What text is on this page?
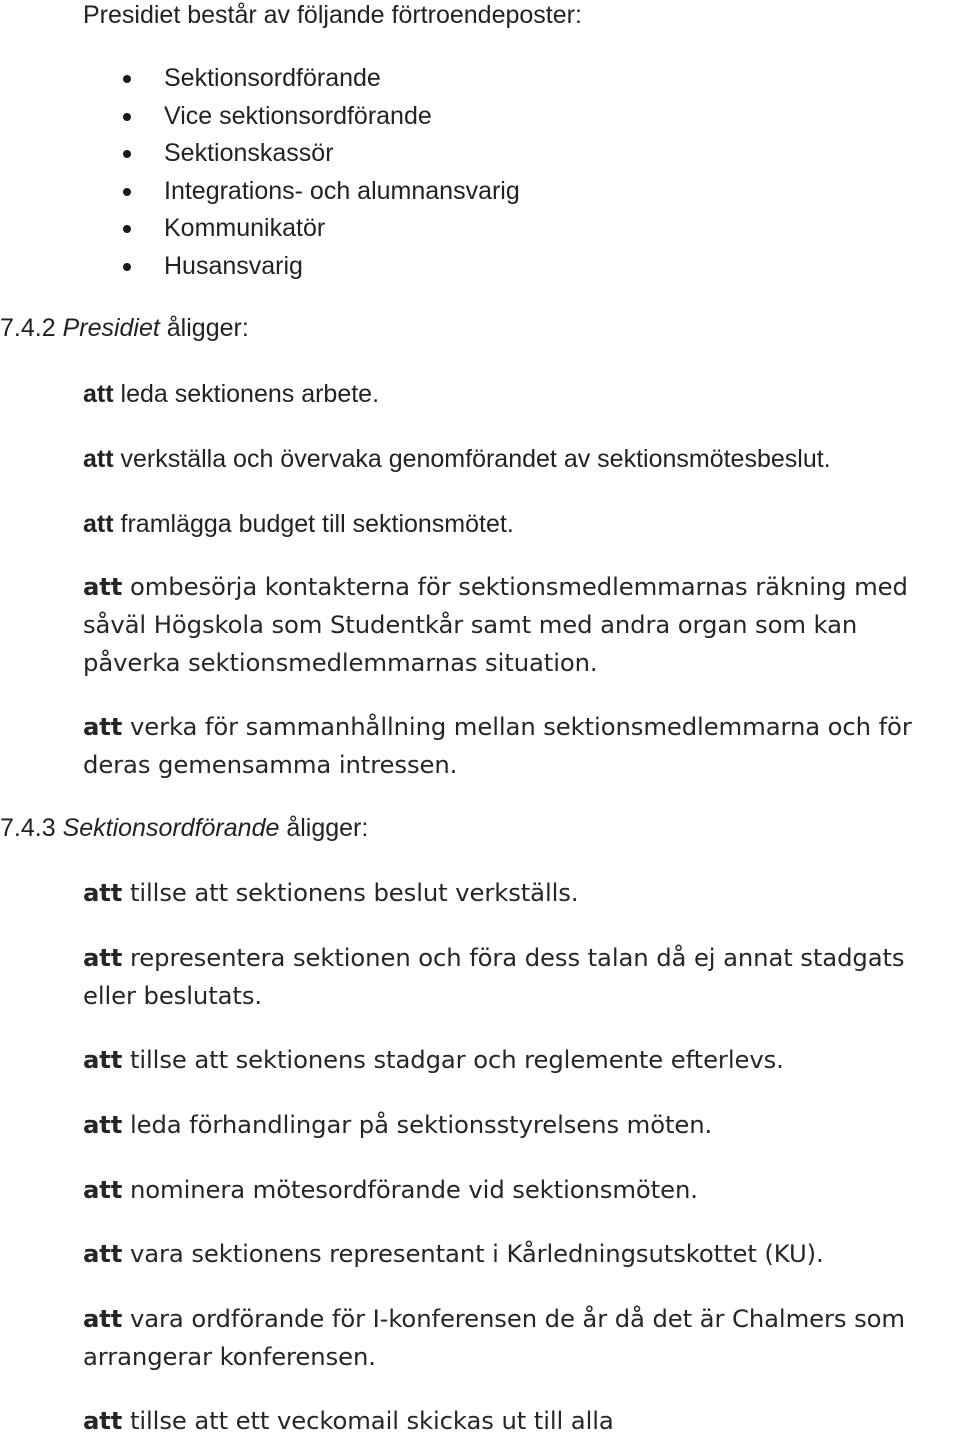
Presidiet består av följande förtroendeposter:
Sektionsordförande
Vice sektionsordförande
Sektionskassör
Integrations- och alumnansvarig
Kommunikatör
Husansvarig
7.4.2 Presidiet åligger:
att leda sektionens arbete.
att verkställa och övervaka genomförandet av sektionsmötesbeslut.
att framlägga budget till sektionsmötet.
att ombesörja kontakterna för sektionsmedlemmarnas räkning med såväl Högskola som Studentkår samt med andra organ som kan påverka sektionsmedlemmarnas situation.
att verka för sammanhållning mellan sektionsmedlemmarna och för deras gemensamma intressen.
7.4.3 Sektionsordförande åligger:
att tillse att sektionens beslut verkställs.
att representera sektionen och föra dess talan då ej annat stadgats eller beslutats.
att tillse att sektionens stadgar och reglemente efterlevs.
att leda förhandlingar på sektionsstyrelsens möten.
att nominera mötesordförande vid sektionsmöten.
att vara sektionens representant i Kårledningsutskottet (KU).
att vara ordförande för I-konferensen de år då det är Chalmers som arrangerar konferensen.
att tillse att ett veckomail skickas ut till alla
